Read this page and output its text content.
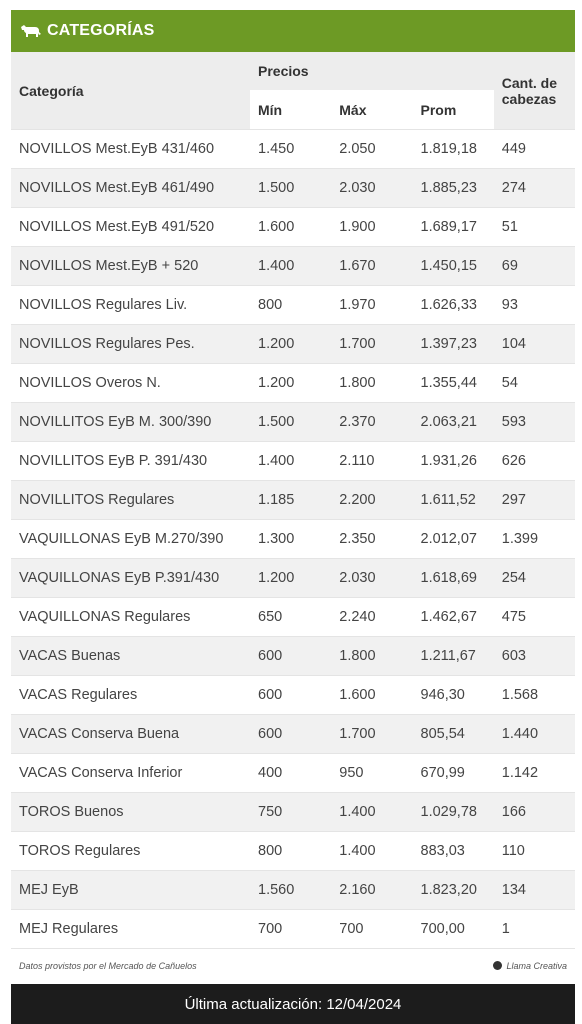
CATEGORÍAS
Categoría	Precios			Cant. de cabezas
	Mín	Máx	Prom	
NOVILLOS Mest.EyB 431/460	1.450	2.050	1.819,18	449
NOVILLOS Mest.EyB 461/490	1.500	2.030	1.885,23	274
NOVILLOS Mest.EyB 491/520	1.600	1.900	1.689,17	51
NOVILLOS Mest.EyB + 520	1.400	1.670	1.450,15	69
NOVILLOS Regulares Liv.	800	1.970	1.626,33	93
NOVILLOS Regulares Pes.	1.200	1.700	1.397,23	104
NOVILLOS Overos N.	1.200	1.800	1.355,44	54
NOVILLITOS EyB M. 300/390	1.500	2.370	2.063,21	593
NOVILLITOS EyB P. 391/430	1.400	2.110	1.931,26	626
NOVILLITOS Regulares	1.185	2.200	1.611,52	297
VAQUILLONAS EyB M.270/390	1.300	2.350	2.012,07	1.399
VAQUILLONAS EyB P.391/430	1.200	2.030	1.618,69	254
VAQUILLONAS Regulares	650	2.240	1.462,67	475
VACAS Buenas	600	1.800	1.211,67	603
VACAS Regulares	600	1.600	946,30	1.568
VACAS Conserva Buena	600	1.700	805,54	1.440
VACAS Conserva Inferior	400	950	670,99	1.142
TOROS Buenos	750	1.400	1.029,78	166
TOROS Regulares	800	1.400	883,03	110
MEJ EyB	1.560	2.160	1.823,20	134
MEJ Regulares	700	700	700,00	1
Datos provistos por el Mercado de Cañuelos	Llama Creativa
Última actualización: 12/04/2024
